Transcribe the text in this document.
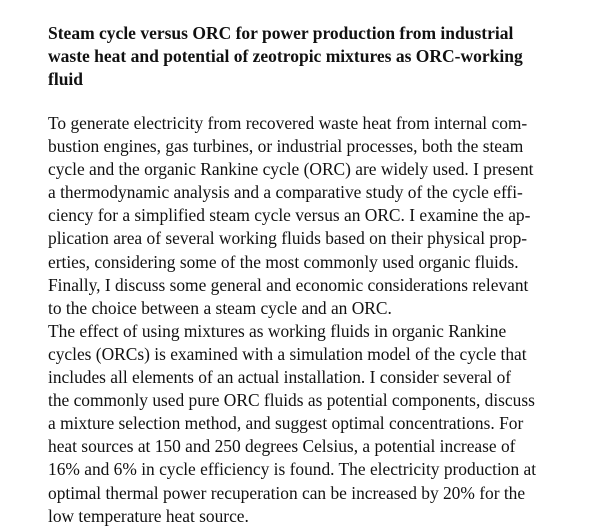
Steam cycle versus ORC for power production from industrial waste heat and potential of zeotropic mixtures as ORC-working fluid
To generate electricity from recovered waste heat from internal com-
bustion engines, gas turbines, or industrial processes, both the steam
cycle and the organic Rankine cycle (ORC) are widely used. I present
a thermodynamic analysis and a comparative study of the cycle effi-
ciency for a simplified steam cycle versus an ORC. I examine the ap-
plication area of several working fluids based on their physical prop-
erties, considering some of the most commonly used organic fluids.
Finally, I discuss some general and economic considerations relevant
to the choice between a steam cycle and an ORC.
The effect of using mixtures as working fluids in organic Rankine
cycles (ORCs) is examined with a simulation model of the cycle that
includes all elements of an actual installation. I consider several of
the commonly used pure ORC fluids as potential components, discuss
a mixture selection method, and suggest optimal concentrations. For
heat sources at 150 and 250 degrees Celsius, a potential increase of
16% and 6% in cycle efficiency is found. The electricity production at
optimal thermal power recuperation can be increased by 20% for the
low temperature heat source.
